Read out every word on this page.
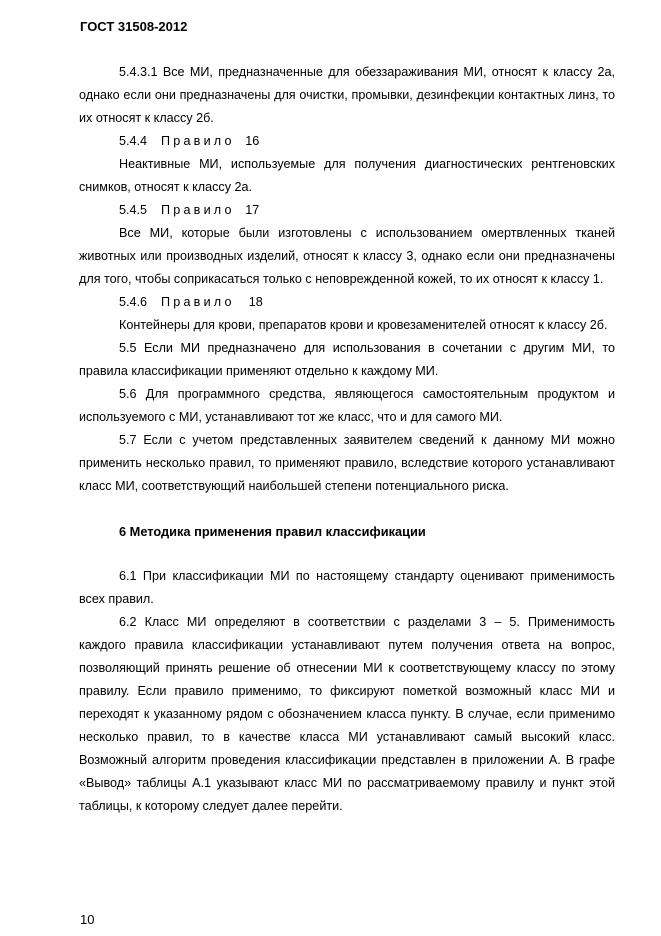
ГОСТ 31508-2012

5.4.3.1 Все МИ, предназначенные для обеззараживания МИ, относят к классу 2а, однако если они предназначены для очистки, промывки, дезинфекции контактных линз, то их относят к классу 2б.

5.4.4 Правило 16

Неактивные МИ, используемые для получения диагностических рентгеновских снимков, относят к классу 2а.

5.4.5 Правило 17

Все МИ, которые были изготовлены с использованием омертвленных тканей животных или производных изделий, относят к классу 3, однако если они предназначены для того, чтобы соприкасаться только с неповрежденной кожей, то их относят к классу 1.

5.4.6 Правило 18

Контейнеры для крови, препаратов крови и кровезаменителей относят к классу 2б.

5.5 Если МИ предназначено для использования в сочетании с другим МИ, то правила классификации применяют отдельно к каждому МИ.

5.6 Для программного средства, являющегося самостоятельным продуктом и используемого с МИ, устанавливают тот же класс, что и для самого МИ.

5.7 Если с учетом представленных заявителем сведений к данному МИ можно применить несколько правил, то применяют правило, вследствие которого устанавливают класс МИ, соответствующий наибольшей степени потенциального риска.

6 Методика применения правил классификации

6.1 При классификации МИ по настоящему стандарту оценивают применимость всех правил.

6.2 Класс МИ определяют в соответствии с разделами 3 – 5. Применимость каждого правила классификации устанавливают путем получения ответа на вопрос, позволяющий принять решение об отнесении МИ к соответствующему классу по этому правилу. Если правило применимо, то фиксируют пометкой возможный класс МИ и переходят к указанному рядом с обозначением класса пункту. В случае, если применимо несколько правил, то в качестве класса МИ устанавливают самый высокий класс. Возможный алгоритм проведения классификации представлен в приложении А. В графе «Вывод» таблицы А.1 указывают класс МИ по рассматриваемому правилу и пункт этой таблицы, к которому следует далее перейти.

10
